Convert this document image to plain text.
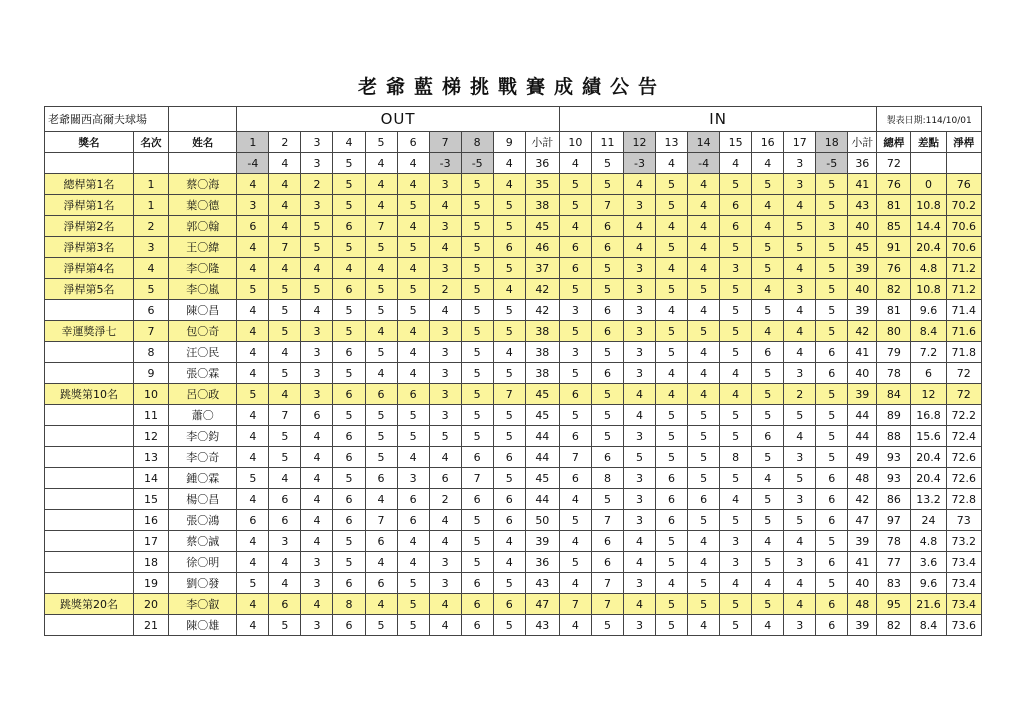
老爺藍梯挑戰賽成績公告
老爺關西高爾夫球場			OUT										IN										製表日期:114/10/01		
獎名	名次	姓名	1	2	3	4	5	6	7	8	9	小計	10	11	12	13	14	15	16	17	18	小計	總桿	差點	淨桿
			-4	4	3	5	4	4	-3	-5	4	36	4	5	-3	4	-4	4	4	3	-5	36	72		
總桿第1名	1	蔡〇海	4	4	2	5	4	4	3	5	4	35	5	5	4	5	4	5	5	3	5	41	76	0	76
淨桿第1名	1	葉〇德	3	4	3	5	4	5	4	5	5	38	5	7	3	5	4	6	4	4	5	43	81	10.8	70.2
淨桿第2名	2	郭〇翰	6	4	5	6	7	4	3	5	5	45	4	6	4	4	4	6	4	5	3	40	85	14.4	70.6
淨桿第3名	3	王〇緯	4	7	5	5	5	5	4	5	6	46	6	6	4	5	4	5	5	5	5	45	91	20.4	70.6
淨桿第4名	4	李〇隆	4	4	4	4	4	4	3	5	5	37	6	5	3	4	4	3	5	4	5	39	76	4.8	71.2
淨桿第5名	5	李〇嵐	5	5	5	6	5	5	2	5	4	42	5	5	3	5	5	5	4	3	5	40	82	10.8	71.2
	6	陳〇昌	4	5	4	5	5	5	4	5	5	42	3	6	3	4	4	5	5	4	5	39	81	9.6	71.4
幸運獎淨七	7	包〇奇	4	5	3	5	4	4	3	5	5	38	5	6	3	5	5	5	4	4	5	42	80	8.4	71.6
	8	汪〇民	4	4	3	6	5	4	3	5	4	38	3	5	3	5	4	5	6	4	6	41	79	7.2	71.8
	9	張〇霖	4	5	3	5	4	4	3	5	5	38	5	6	3	4	4	4	5	3	6	40	78	6	72
跳獎第10名	10	呂〇政	5	4	3	6	6	6	3	5	7	45	6	5	4	4	4	4	5	2	5	39	84	12	72
	11	蕭〇	4	7	6	5	5	5	3	5	5	45	5	5	4	5	5	5	5	5	5	44	89	16.8	72.2
	12	李〇鈞	4	5	4	6	5	5	5	5	5	44	6	5	3	5	5	5	6	4	5	44	88	15.6	72.4
	13	李〇奇	4	5	4	6	5	4	4	6	6	44	7	6	5	5	5	8	5	3	5	49	93	20.4	72.6
	14	鍾〇霖	5	4	4	5	6	3	6	7	5	45	6	8	3	6	5	5	4	5	6	48	93	20.4	72.6
	15	楊〇昌	4	6	4	6	4	6	2	6	6	44	4	5	3	6	6	4	5	3	6	42	86	13.2	72.8
	16	張〇鴻	6	6	4	6	7	6	4	5	6	50	5	7	3	6	5	5	5	5	6	47	97	24	73
	17	蔡〇誠	4	3	4	5	6	4	4	5	4	39	4	6	4	5	4	3	4	4	5	39	78	4.8	73.2
	18	徐〇明	4	4	3	5	4	4	3	5	4	36	5	6	4	5	4	3	5	3	6	41	77	3.6	73.4
	19	劉〇發	5	4	3	6	6	5	3	6	5	43	4	7	3	4	5	4	4	4	5	40	83	9.6	73.4
跳獎第20名	20	李〇叡	4	6	4	8	4	5	4	6	6	47	7	7	4	5	5	5	5	4	6	48	95	21.6	73.4
	21	陳〇雄	4	5	3	6	5	5	4	6	5	43	4	5	3	5	4	5	4	3	6	39	82	8.4	73.6
